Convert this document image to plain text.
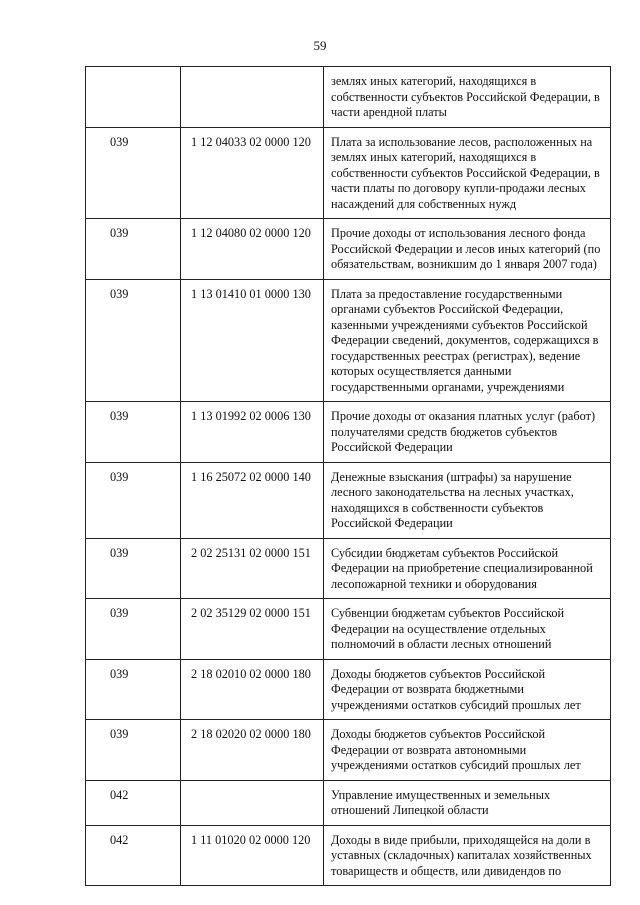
59
		землях иных категорий, находящихся в собственности субъектов Российской Федерации, в части арендной платы
039	1 12 04033 02 0000 120	Плата за использование лесов, расположенных на землях иных категорий, находящихся в собственности субъектов Российской Федерации, в части платы по договору купли-продажи лесных насаждений для собственных нужд
039	1 12 04080 02 0000 120	Прочие доходы от использования лесного фонда Российской Федерации и лесов иных категорий (по обязательствам, возникшим до 1 января 2007 года)
039	1 13 01410 01 0000 130	Плата за предоставление государственными органами субъектов Российской Федерации, казенными учреждениями субъектов Российской Федерации сведений, документов, содержащихся в государственных реестрах (регистрах), ведение которых осуществляется данными государственными органами, учреждениями
039	1 13 01992 02 0006 130	Прочие доходы от оказания платных услуг (работ) получателями средств бюджетов субъектов Российской Федерации
039	1 16 25072 02 0000 140	Денежные взыскания (штрафы) за нарушение лесного законодательства на лесных участках, находящихся в собственности субъектов Российской Федерации
039	2 02 25131 02 0000 151	Субсидии бюджетам субъектов Российской Федерации на приобретение специализированной лесопожарной техники и оборудования
039	2 02 35129 02 0000 151	Субвенции бюджетам субъектов Российской Федерации на осуществление отдельных полномочий в области лесных отношений
039	2 18 02010 02 0000 180	Доходы бюджетов субъектов Российской Федерации от возврата бюджетными учреждениями остатков субсидий прошлых лет
039	2 18 02020 02 0000 180	Доходы бюджетов субъектов Российской Федерации от возврата автономными учреждениями остатков субсидий прошлых лет
042		Управление имущественных и земельных отношений Липецкой области
042	1 11 01020 02 0000 120	Доходы в виде прибыли, приходящейся на доли в уставных (складочных) капиталах хозяйственных товариществ и обществ, или дивидендов по
